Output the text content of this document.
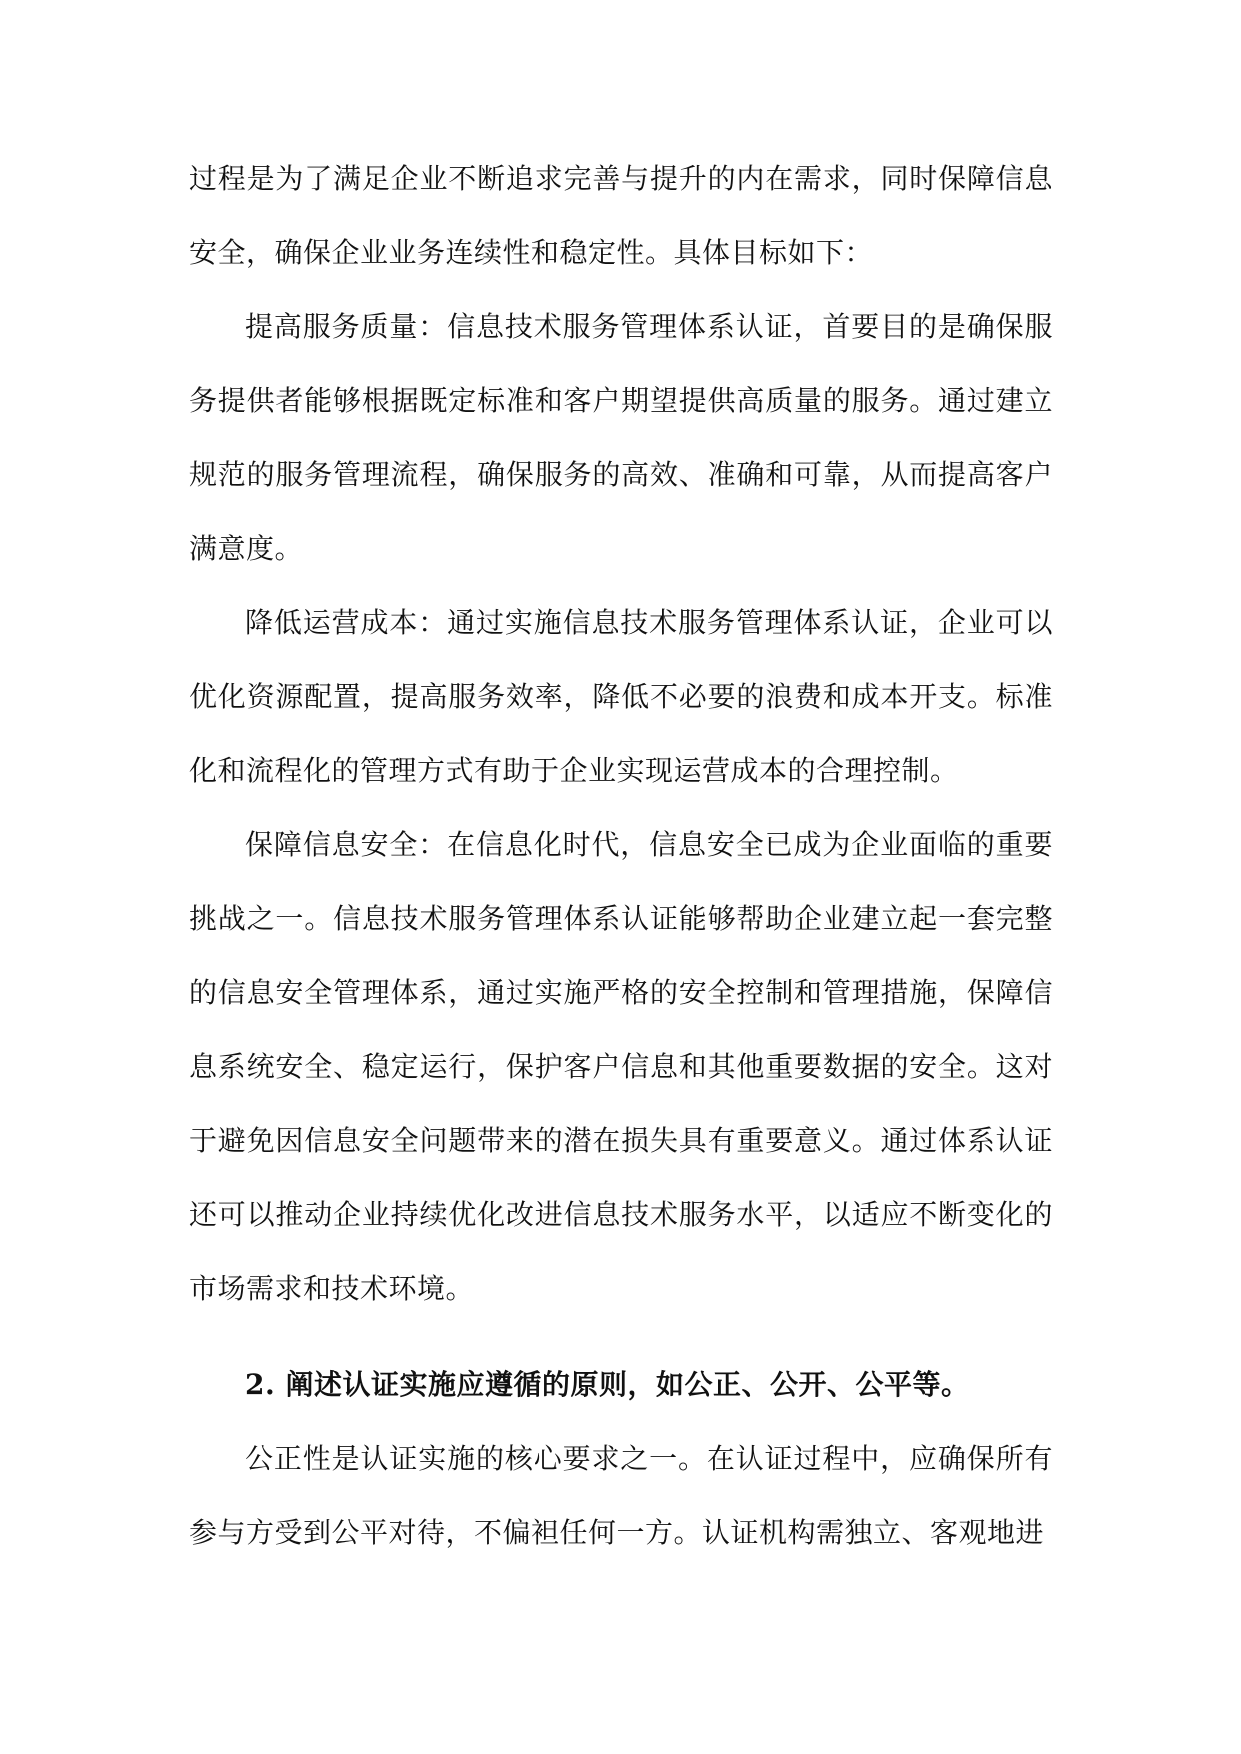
过程是为了满足企业不断追求完善与提升的内在需求，同时保障信息安全，确保企业业务连续性和稳定性。具体目标如下：

提高服务质量：信息技术服务管理体系认证，首要目的是确保服务提供者能够根据既定标准和客户期望提供高质量的服务。通过建立规范的服务管理流程，确保服务的高效、准确和可靠，从而提高客户满意度。

降低运营成本：通过实施信息技术服务管理体系认证，企业可以优化资源配置，提高服务效率，降低不必要的浪费和成本开支。标准化和流程化的管理方式有助于企业实现运营成本的合理控制。

保障信息安全：在信息化时代，信息安全已成为企业面临的重要挑战之一。信息技术服务管理体系认证能够帮助企业建立起一套完整的信息安全管理体系，通过实施严格的安全控制和管理措施，保障信息系统安全、稳定运行，保护客户信息和其他重要数据的安全。这对于避免因信息安全问题带来的潜在损失具有重要意义。通过体系认证还可以推动企业持续优化改进信息技术服务水平，以适应不断变化的市场需求和技术环境。

2. 阐述认证实施应遵循的原则，如公正、公开、公平等。

公正性是认证实施的核心要求之一。在认证过程中，应确保所有参与方受到公平对待，不偏袒任何一方。认证机构需独立、客观地进
